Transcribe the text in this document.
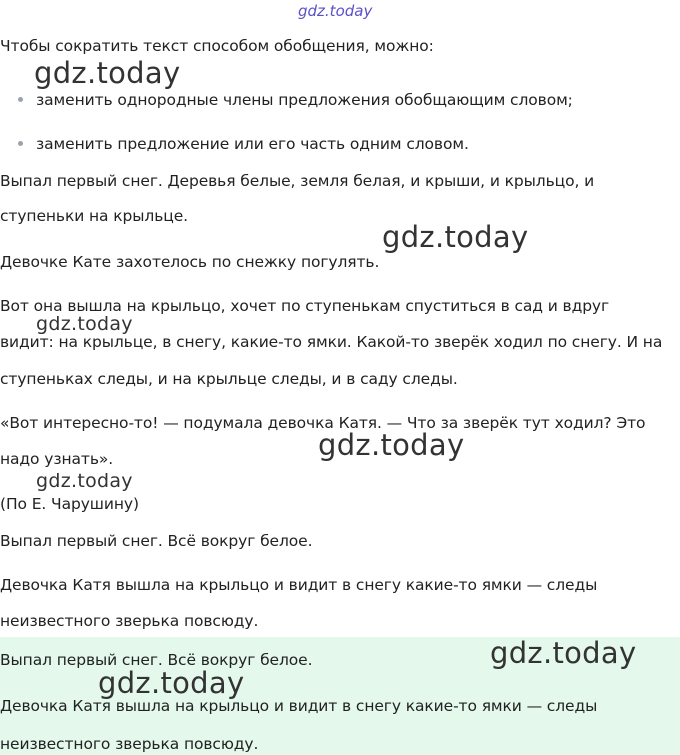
gdz.today
Чтобы сократить текст способом обобщения, можно:
заменить однородные члены предложения обобщающим словом;
заменить предложение или его часть одним словом.
Выпал первый снег. Деревья белые, земля белая, и крыши, и крыльцо, и
ступеньки на крыльце.
Девочке Кате захотелось по снежку погулять.
Вот она вышла на крыльцо, хочет по ступенькам спуститься в сад и вдруг
видит: на крыльце, в снегу, какие-то ямки. Какой-то зверёк ходил по снегу. И на
ступеньках следы, и на крыльце следы, и в саду следы.
«Вот интересно-то! — подумала девочка Катя. — Что за зверёк тут ходил? Это
надо узнать».
(По Е. Чарушину)
Выпал первый снег. Всё вокруг белое.
Девочка Катя вышла на крыльцо и видит в снегу какие-то ямки — следы
неизвестного зверька повсюду.
Выпал первый снег. Всё вокруг белое.
Девочка Катя вышла на крыльцо и видит в снегу какие-то ямки — следы
неизвестного зверька повсюду.
gdz.today
gdz.today
gdz.today
gdz.today
gdz.today
gdz.today
gdz.today
